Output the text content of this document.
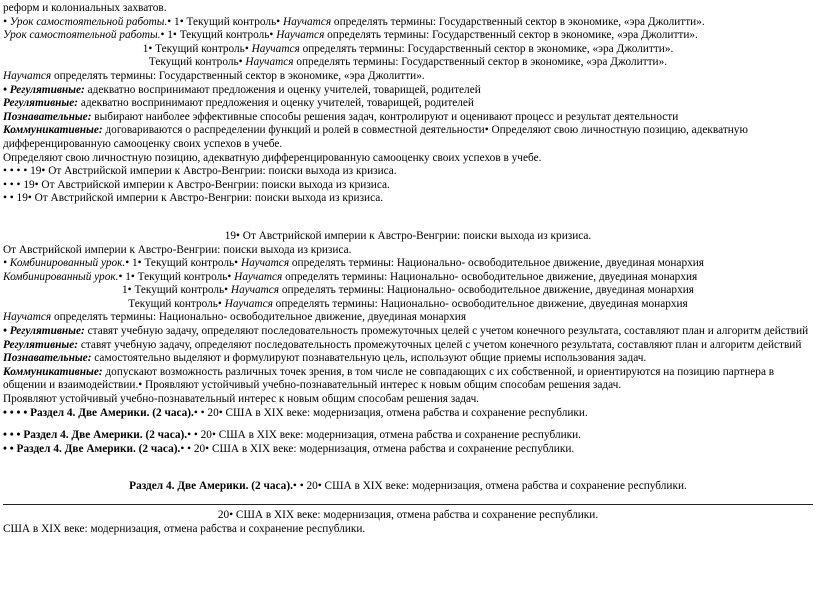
реформ и колониальных захватов.
• Урок самостоятельной работы.• 1• Текущий контроль• Научатся определять термины: Государственный сектор в экономике, «эра Джолитти».
Урок самостоятельной работы.• 1• Текущий контроль• Научатся определять термины: Государственный сектор в экономике, «эра Джолитти».
1• Текущий контроль• Научатся определять термины: Государственный сектор в экономике, «эра Джолитти».
Текущий контроль• Научатся определять термины: Государственный сектор в экономике, «эра Джолитти».
Научатся определять термины: Государственный сектор в экономике, «эра Джолитти».
• Регулятивные: адекватно воспринимают предложения и оценку учителей, товарищей, родителей
Регулятивные: адекватно воспринимают предложения и оценку учителей, товарищей, родителей
Познавательные: выбирают наиболее эффективные способы решения задач, контролируют и оценивают процесс и результат деятельности
Коммуникативные: договариваются о распределении функций и ролей в совместной деятельности• Определяют свою личностную позицию, адекватную дифференцированную самооценку своих успехов в учебе.
Определяют свою личностную позицию, адекватную дифференцированную самооценку своих успехов в учебе.
• • • • 19• От Австрийской империи к Австро-Венгрии: поиски выхода из кризиса.
• • • 19• От Австрийской империи к Австро-Венгрии: поиски выхода из кризиса.
• • 19• От Австрийской империи к Австро-Венгрии: поиски выхода из кризиса.
19• От Австрийской империи к Австро-Венгрии: поиски выхода из кризиса.
От Австрийской империи к Австро-Венгрии: поиски выхода из кризиса.
• Комбинированный урок.• 1• Текущий контроль• Научатся определять термины: Национально- освободительное движение, двуединая монархия
Комбинированный урок.• 1• Текущий контроль• Научатся определять термины: Национально- освободительное движение, двуединая монархия
1• Текущий контроль• Научатся определять термины: Национально- освободительное движение, двуединая монархия
Текущий контроль• Научатся определять термины: Национально- освободительное движение, двуединая монархия
Научатся определять термины: Национально- освободительное движение, двуединая монархия
• Регулятивные: ставят учебную задачу, определяют последовательность промежуточных целей с учетом конечного результата, составляют план и алгоритм действий
Регулятивные: ставят учебную задачу, определяют последовательность промежуточных целей с учетом конечного результата, составляют план и алгоритм действий
Познавательные: самостоятельно выделяют и формулируют познавательную цель, используют общие приемы использования задач.
Коммуникативные: допускают возможность различных точек зрения, в том числе не совпадающих с их собственной, и ориентируются на позицию партнера в общении и взаимодействии.• Проявляют устойчивый учебно-познавательный интерес к новым общим способам решения задач.
Проявляют устойчивый учебно-познавательный интерес к новым общим способам решения задач.
• • • • Раздел 4. Две Америки. (2 часа).• • 20• США в XIX веке: модернизация, отмена рабства и сохранение республики.
• • • Раздел 4. Две Америки. (2 часа).• • 20• США в XIX веке: модернизация, отмена рабства и сохранение республики.
• • Раздел 4. Две Америки. (2 часа).• • 20• США в XIX веке: модернизация, отмена рабства и сохранение республики.
Раздел 4. Две Америки. (2 часа).• • 20• США в XIX веке: модернизация, отмена рабства и сохранение республики.
20• США в XIX веке: модернизация, отмена рабства и сохранение республики.
США в XIX веке: модернизация, отмена рабства и сохранение республики.
